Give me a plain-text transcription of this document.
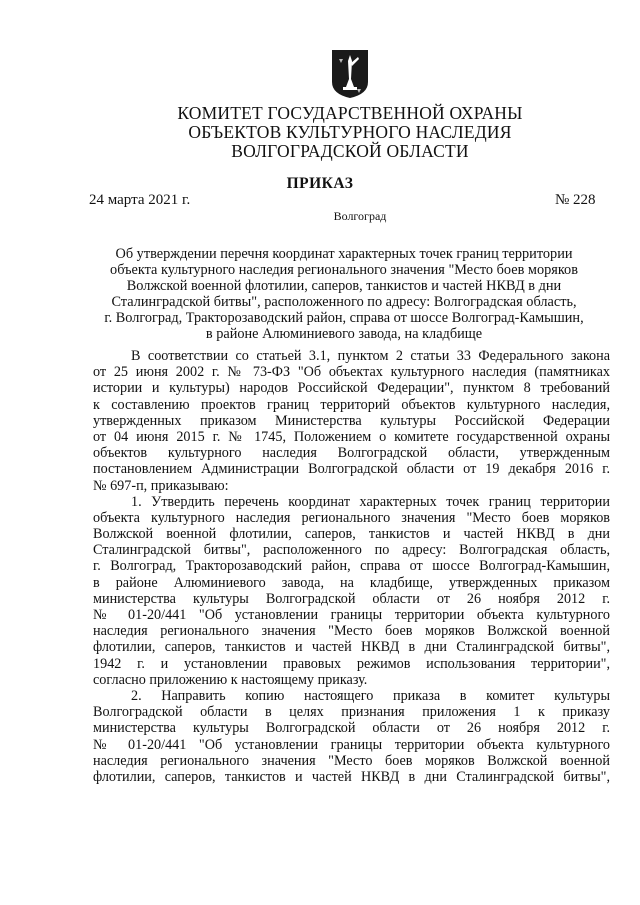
КОМИТЕТ ГОСУДАРСТВЕННОЙ ОХРАНЫ
ОБЪЕКТОВ КУЛЬТУРНОГО НАСЛЕДИЯ
ВОЛГОГРАДСКОЙ ОБЛАСТИ
ПРИКАЗ
24 марта 2021 г.	№ 228
Волгоград
Об утверждении перечня координат характерных точек границ территории
объекта культурного наследия регионального значения "Место боев моряков
Волжской военной флотилии, саперов, танкистов и частей НКВД в дни
Сталинградской битвы", расположенного по адресу: Волгоградская область,
г. Волгоград, Тракторозаводский район, справа от шоссе Волгоград-Камышин,
в районе Алюминиевого завода, на кладбище
В соответствии со статьей 3.1, пунктом 2 статьи 33 Федерального закона
от 25 июня 2002 г. № 73-ФЗ "Об объектах культурного наследия (памятниках
истории и культуры) народов Российской Федерации", пунктом 8 требований
к составлению проектов границ территорий объектов культурного наследия,
утвержденных приказом Министерства культуры Российской Федерации
от 04 июня 2015 г. № 1745, Положением о комитете государственной охраны
объектов культурного наследия Волгоградской области, утвержденным
постановлением Администрации Волгоградской области от 19 декабря 2016 г.
№ 697-п, приказываю:
1. Утвердить перечень координат характерных точек границ территории
объекта культурного наследия регионального значения "Место боев моряков
Волжской военной флотилии, саперов, танкистов и частей НКВД в дни
Сталинградской битвы", расположенного по адресу: Волгоградская область,
г. Волгоград, Тракторозаводский район, справа от шоссе Волгоград-Камышин,
в районе Алюминиевого завода, на кладбище, утвержденных приказом
министерства культуры Волгоградской области от 26 ноября 2012 г.
№ 01-20/441 "Об установлении границы территории объекта культурного
наследия регионального значения "Место боев моряков Волжской военной
флотилии, саперов, танкистов и частей НКВД в дни Сталинградской битвы",
1942 г. и установлении правовых режимов использования территории",
согласно приложению к настоящему приказу.
2. Направить копию настоящего приказа в комитет культуры
Волгоградской области в целях признания приложения 1 к приказу
министерства культуры Волгоградской области от 26 ноября 2012 г.
№ 01-20/441 "Об установлении границы территории объекта культурного
наследия регионального значения "Место боев моряков Волжской военной
флотилии, саперов, танкистов и частей НКВД в дни Сталинградской битвы",
